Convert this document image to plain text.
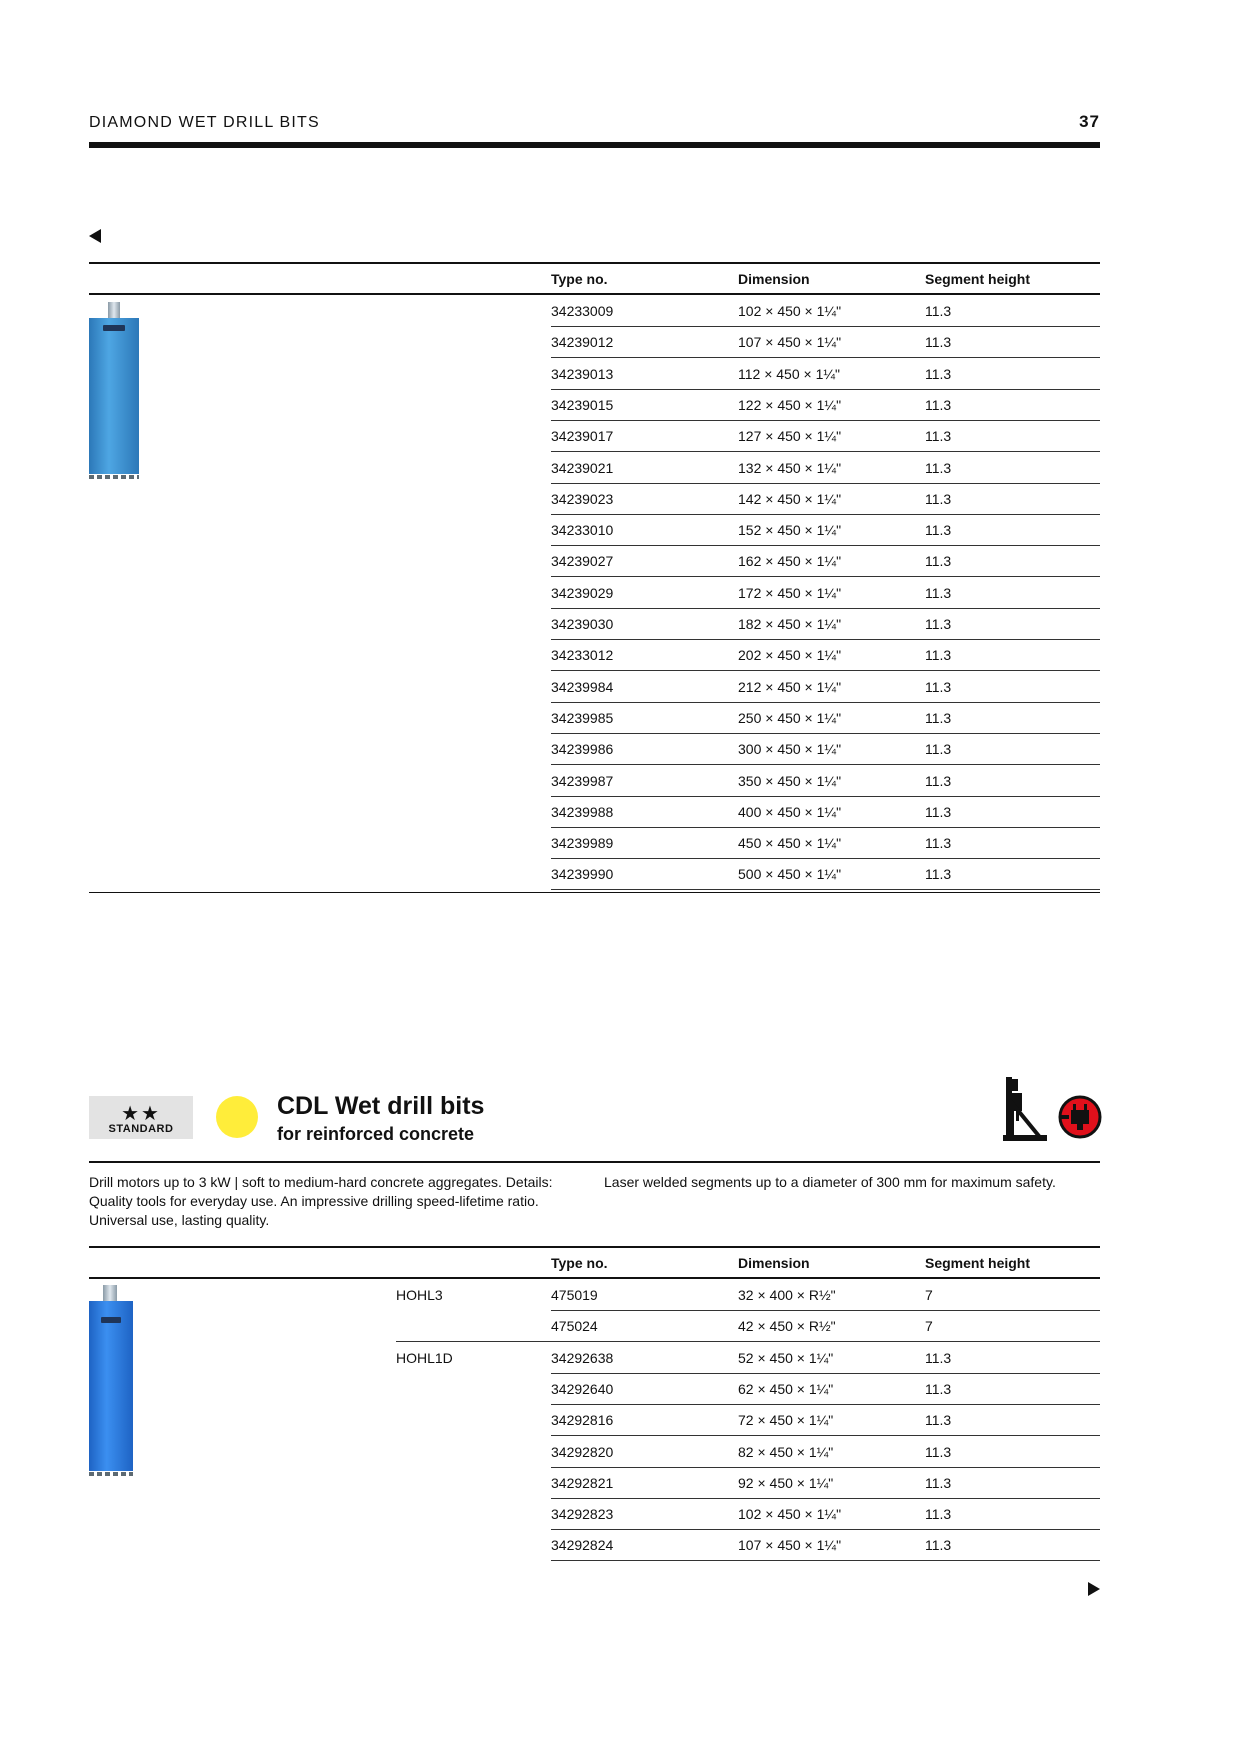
DIAMOND WET DRILL BITS	37
Type no.	Dimension	Segment height
34233009	102 × 450 × 1¼"	11.3
34239012	107 × 450 × 1¼"	11.3
34239013	112 × 450 × 1¼"	11.3
34239015	122 × 450 × 1¼"	11.3
34239017	127 × 450 × 1¼"	11.3
34239021	132 × 450 × 1¼"	11.3
34239023	142 × 450 × 1¼"	11.3
34233010	152 × 450 × 1¼"	11.3
34239027	162 × 450 × 1¼"	11.3
34239029	172 × 450 × 1¼"	11.3
34239030	182 × 450 × 1¼"	11.3
34233012	202 × 450 × 1¼"	11.3
34239984	212 × 450 × 1¼"	11.3
34239985	250 × 450 × 1¼"	11.3
34239986	300 × 450 × 1¼"	11.3
34239987	350 × 450 × 1¼"	11.3
34239988	400 × 450 × 1¼"	11.3
34239989	450 × 450 × 1¼"	11.3
34239990	500 × 450 × 1¼"	11.3
★★
STANDARD
CDL Wet drill bits
for reinforced concrete
Drill motors up to 3 kW | soft to medium-hard concrete aggregates. Details: Quality tools for everyday use. An impressive drilling speed-lifetime ratio. Universal use, lasting quality.
Laser welded segments up to a diameter of 300 mm for maximum safety.
Type no.	Dimension	Segment height
HOHL3	475019	32 × 400 × R½"	7
475024	42 × 450 × R½"	7
HOHL1D	34292638	52 × 450 × 1¼"	11.3
34292640	62 × 450 × 1¼"	11.3
34292816	72 × 450 × 1¼"	11.3
34292820	82 × 450 × 1¼"	11.3
34292821	92 × 450 × 1¼"	11.3
34292823	102 × 450 × 1¼"	11.3
34292824	107 × 450 × 1¼"	11.3
